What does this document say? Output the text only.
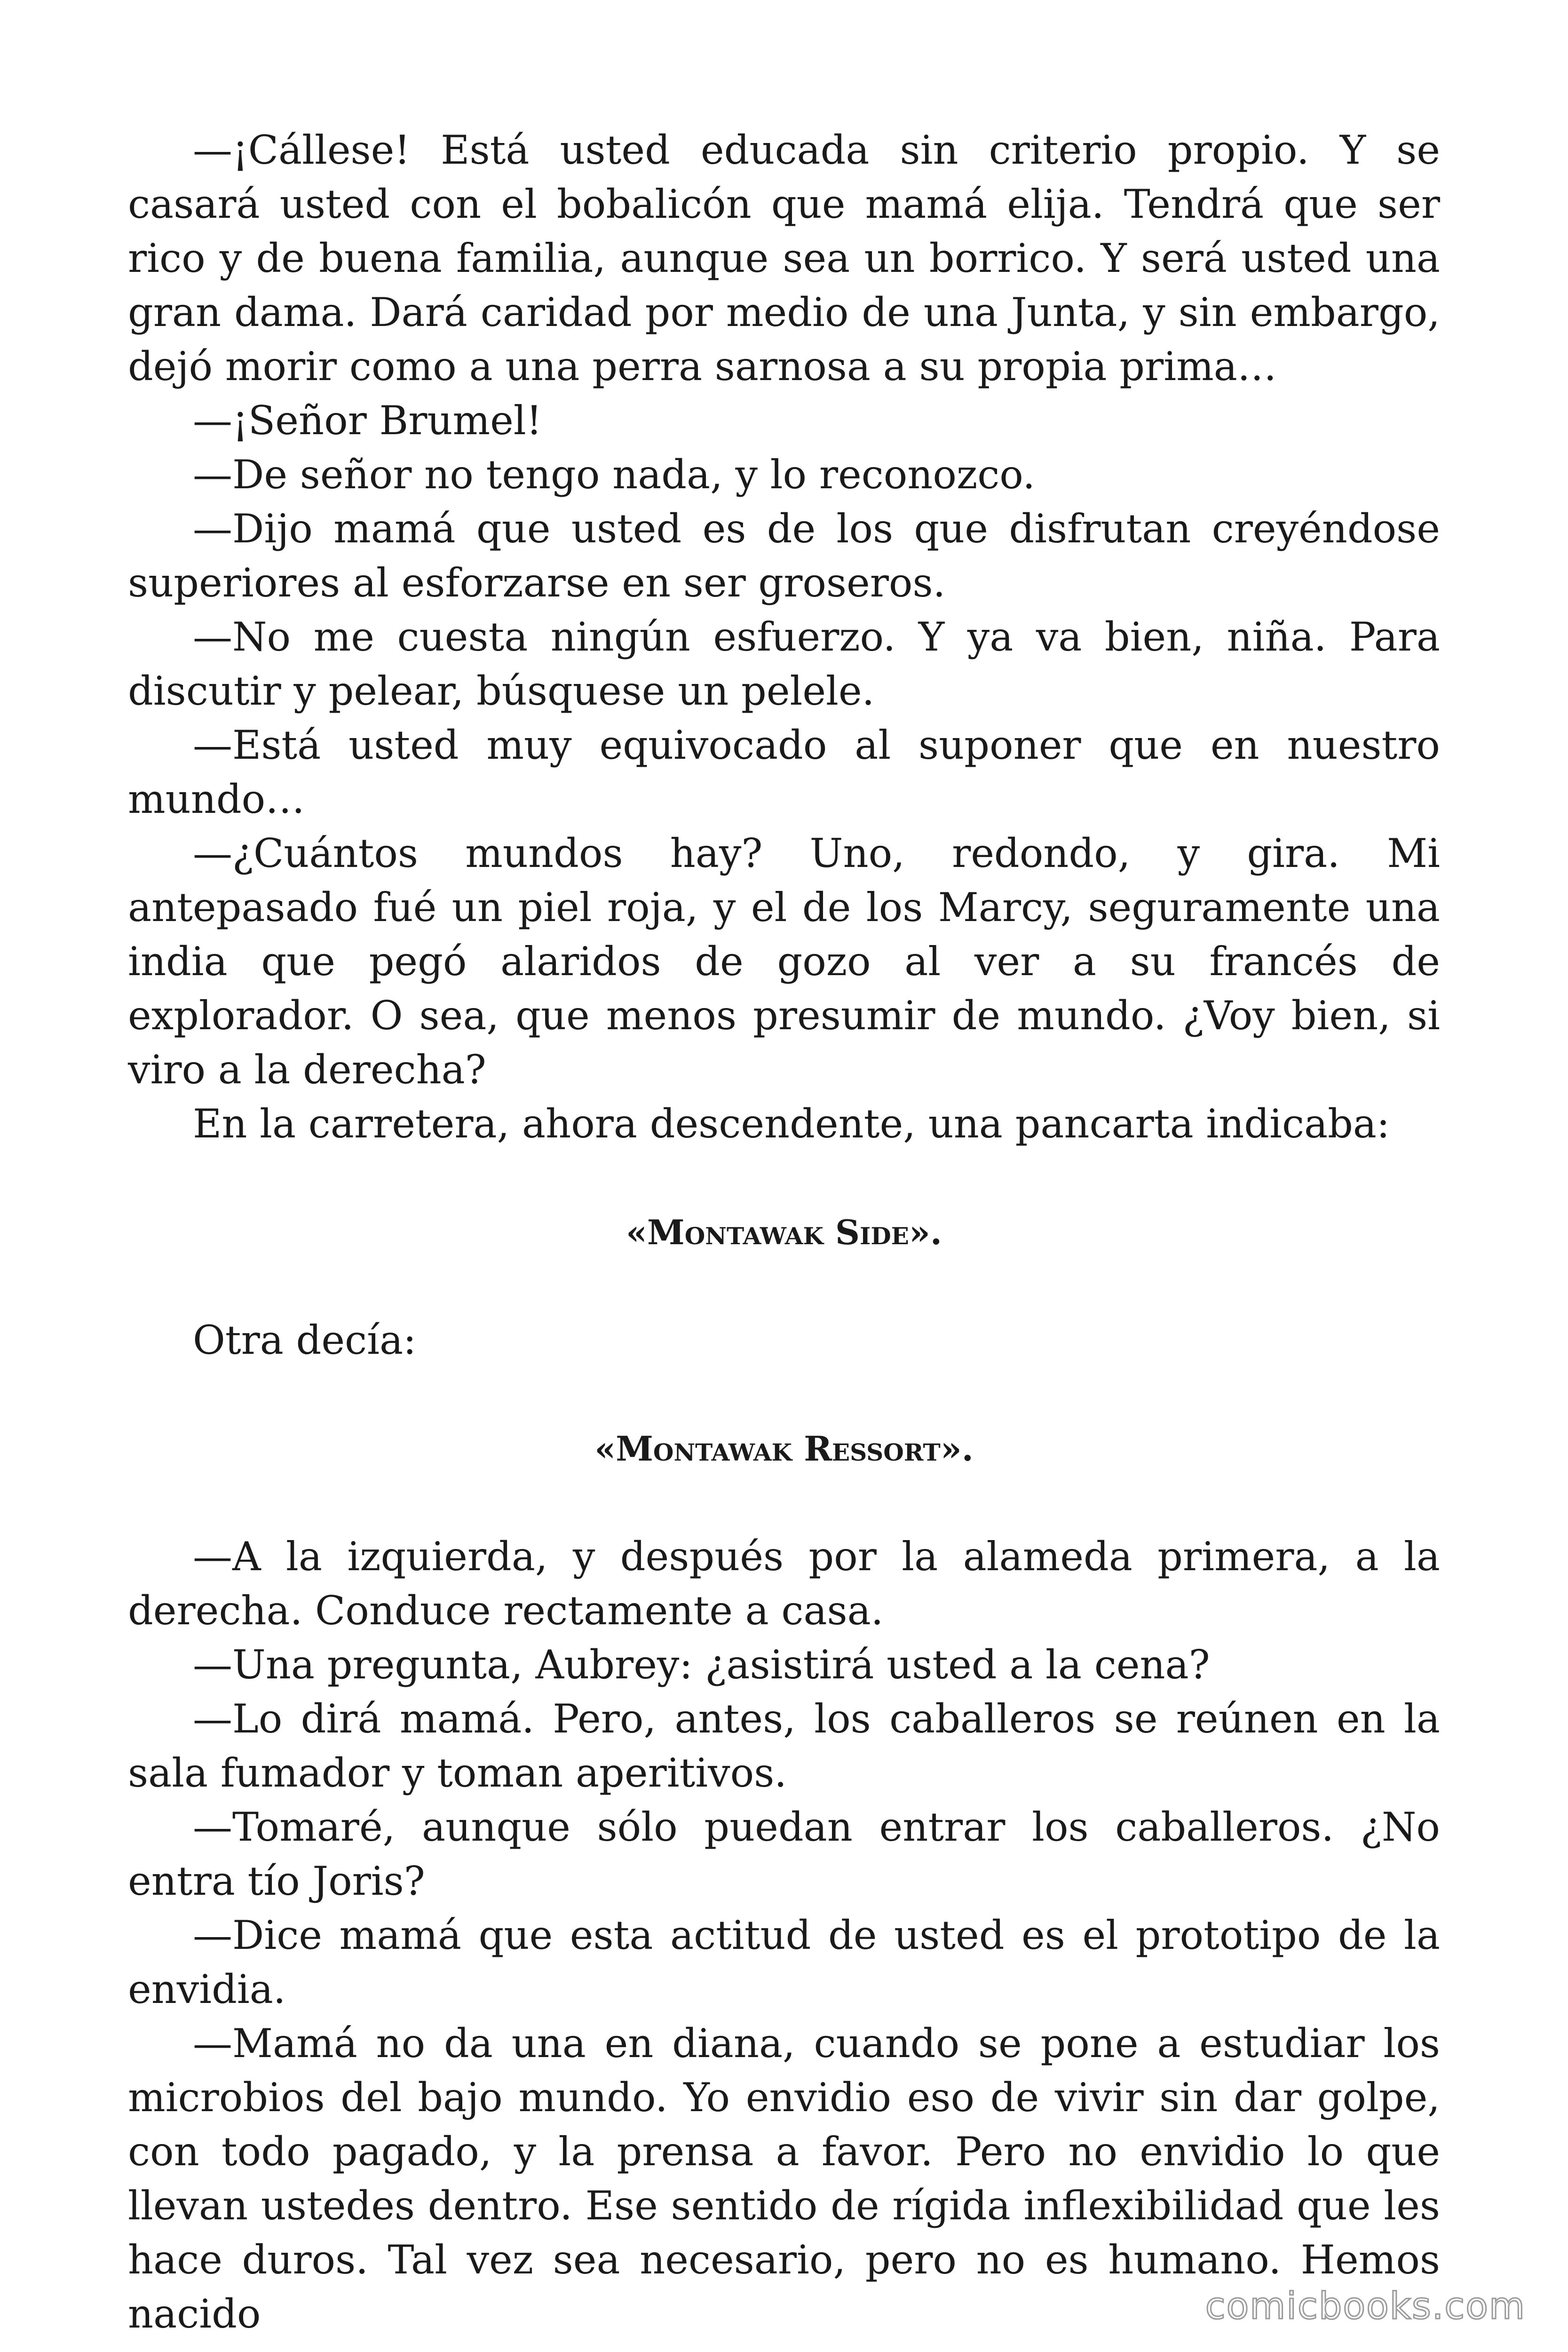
—¡Cállese! Está usted educada sin criterio propio. Y se casará usted con el bobalicón que mamá elija. Tendrá que ser rico y de buena familia, aunque sea un borrico. Y será usted una gran dama. Dará caridad por medio de una Junta, y sin embargo, dejó morir como a una perra sarnosa a su propia prima…

—¡Señor Brumel!

—De señor no tengo nada, y lo reconozco.

—Dijo mamá que usted es de los que disfrutan creyéndose superiores al esforzarse en ser groseros.

—No me cuesta ningún esfuerzo. Y ya va bien, niña. Para discutir y pelear, búsquese un pelele.

—Está usted muy equivocado al suponer que en nuestro mundo…

—¿Cuántos mundos hay? Uno, redondo, y gira. Mi antepasado fué un piel roja, y el de los Marcy, seguramente una india que pegó alaridos de gozo al ver a su francés de explorador. O sea, que menos presumir de mundo. ¿Voy bien, si viro a la derecha?

En la carretera, ahora descendente, una pancarta indicaba:

«Montawak Side».

Otra decía:

«Montawak Ressort».

—A la izquierda, y después por la alameda primera, a la derecha. Conduce rectamente a casa.

—Una pregunta, Aubrey: ¿asistirá usted a la cena?

—Lo dirá mamá. Pero, antes, los caballeros se reúnen en la sala fumador y toman aperitivos.

—Tomaré, aunque sólo puedan entrar los caballeros. ¿No entra tío Joris?

—Dice mamá que esta actitud de usted es el prototipo de la envidia.

—Mamá no da una en diana, cuando se pone a estudiar los microbios del bajo mundo. Yo envidio eso de vivir sin dar golpe, con todo pagado, y la prensa a favor. Pero no envidio lo que llevan ustedes dentro. Ese sentido de rígida inflexibilidad que les hace duros. Tal vez sea necesario, pero no es humano. Hemos nacido	comicbooks.com
